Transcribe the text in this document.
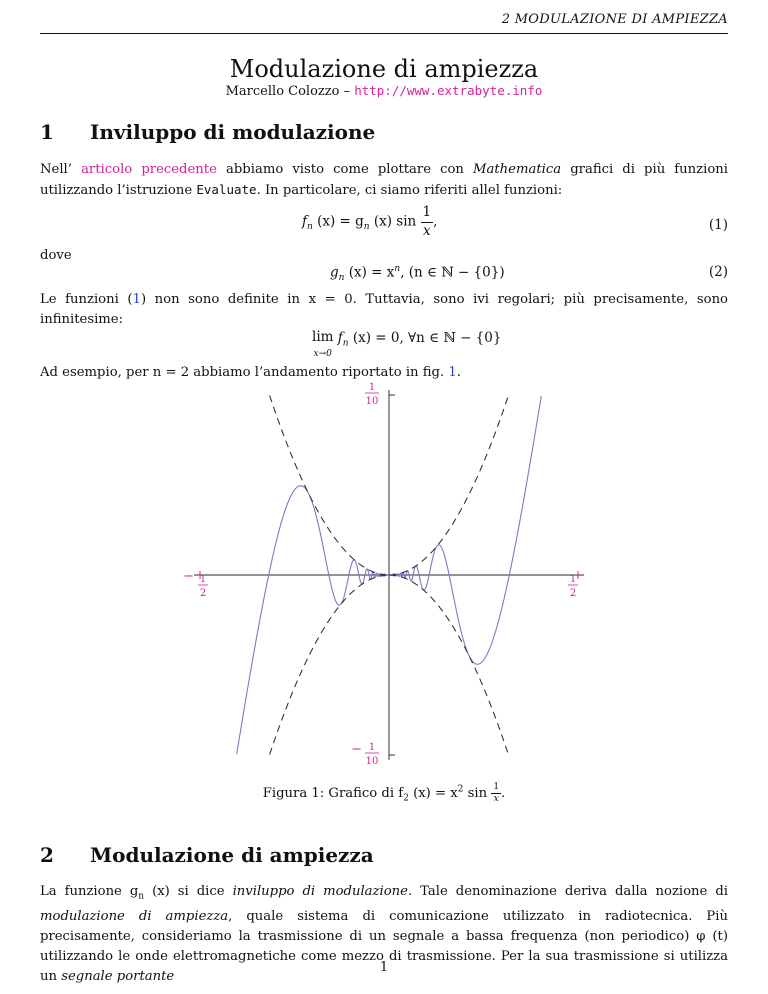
2 MODULAZIONE DI AMPIEZZA
Modulazione di ampiezza
Marcello Colozzo – http://www.extrabyte.info
1 Inviluppo di modulazione
Nell’ articolo precedente abbiamo visto come plottare con Mathematica grafici di più funzioni utilizzando l’istruzione Evaluate. In particolare, ci siamo riferiti allel funzioni:
$f_n$ $(x) = g_n$ (x) $\sin \frac{1}{x}$ ,	(1)
dove
$g_n$ $(x) = x^n$, (n ∈ ℕ − {0})	(2)
Le funzioni (1) non sono definite in x = 0. Tuttavia, sono ivi regolari; più precisamente, sono infinitesime:
lim
x→0 $f_n$ (x) = 0, ∀n ∈ ℕ − {0}
Ad esempio, per n = 2 abbiamo l’andamento riportato in fig. 1.
− 1
2
1
2
1
10
− 1
10
Figura 1: Grafico di $f_2$ $(x) = x^2$ $\sin \frac{1}{x}$ .
2 Modulazione di ampiezza
La funzione $g_n$ (x) si dice inviluppo di modulazione. Tale denominazione deriva dalla nozione di modulazione di ampiezza, quale sistema di comunicazione utilizzato in radiotecnica. Più precisamente, consideriamo la trasmissione di un segnale a bassa frequenza (non periodico) φ (t) utilizzando le onde elettromagnetiche come mezzo di trasmissione. Per la sua trasmissione si utilizza un segnale portante
1
